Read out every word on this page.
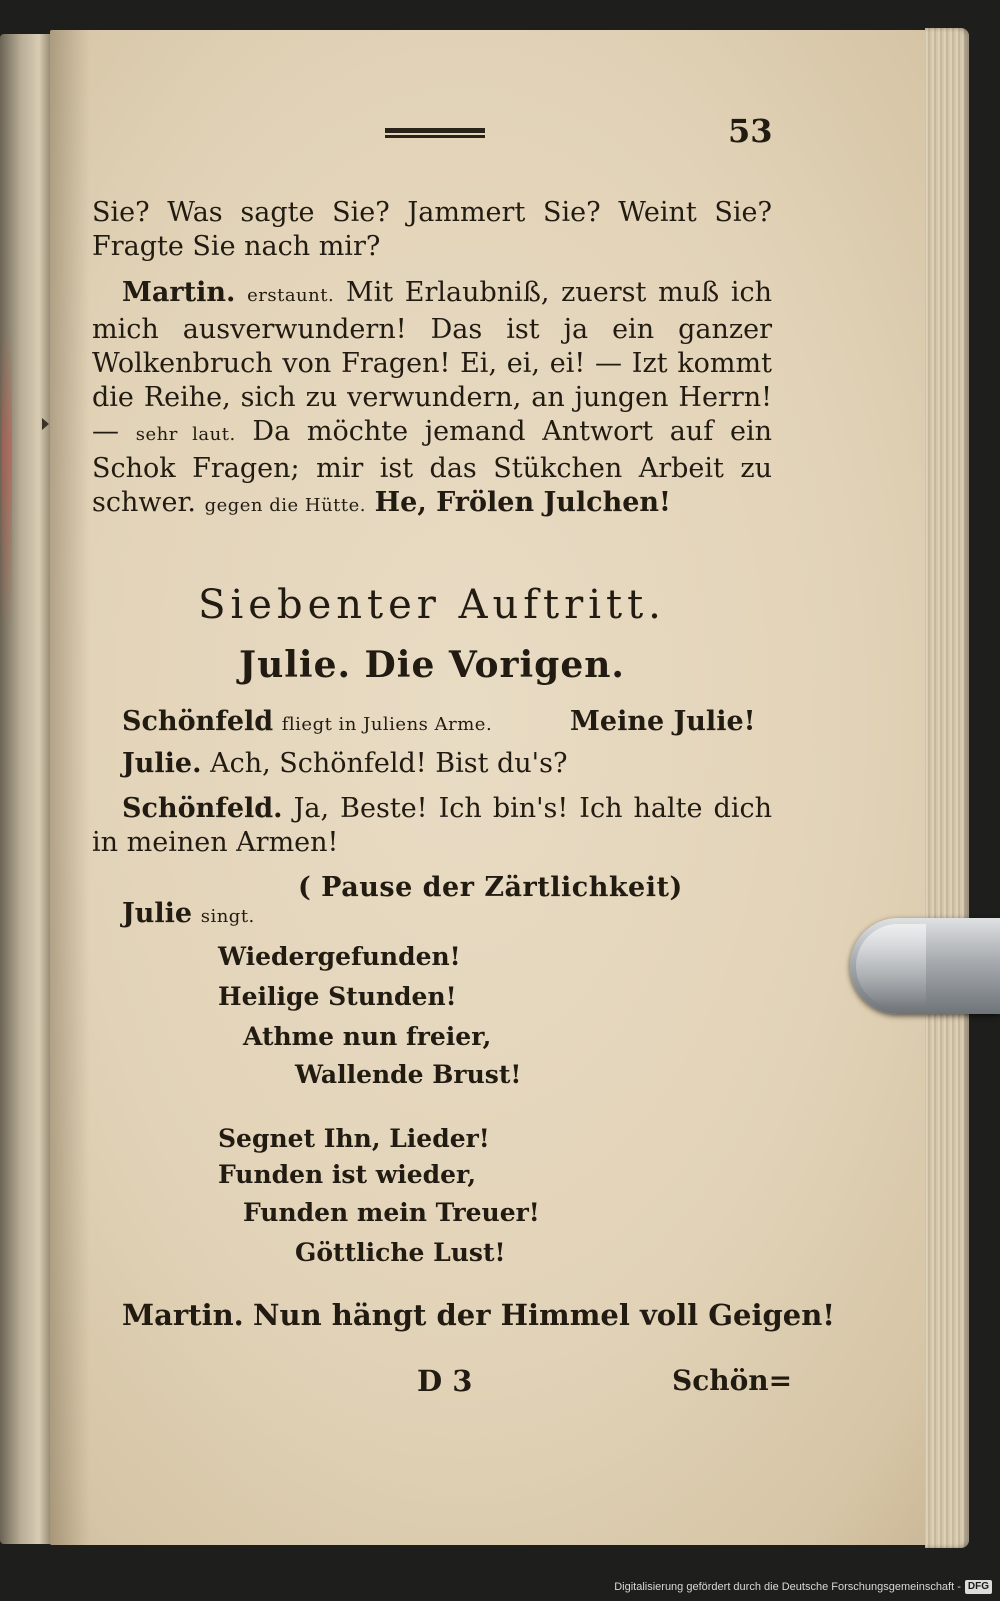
53
Sie? Was sagte Sie? Jammert Sie? Weint Sie? Fragte Sie nach mir?
Martin. erstaunt. Mit Erlaubniß, zuerst muß ich mich ausverwundern! Das ist ja ein ganzer Wolkenbruch von Fragen! Ei, ei, ei! — Izt kommt die Reihe, sich zu verwundern, an jungen Herrn! — sehr laut. Da möchte jemand Antwort auf ein Schok Fragen; mir ist das Stükchen Arbeit zu schwer. gegen die Hütte. He, Frölen Julchen!
Siebenter Auftritt.
Julie. Die Vorigen.
Schönfeld fliegt in Juliens Arme.	Meine Julie!
Julie. Ach, Schönfeld! Bist du's?
Schönfeld. Ja, Beste! Ich bin's! Ich halte dich in meinen Armen!
( Pause der Zärtlichkeit)
Julie singt.
Wiedergefunden!
Heilige Stunden!
Athme nun freier,
Wallende Brust!
Segnet Ihn, Lieder!
Funden ist wieder,
Funden mein Treuer!
Göttliche Lust!
Martin. Nun hängt der Himmel voll Geigen!
D 3	Schön=
Digitalisierung gefördert durch die Deutsche Forschungsgemeinschaft - DFG
